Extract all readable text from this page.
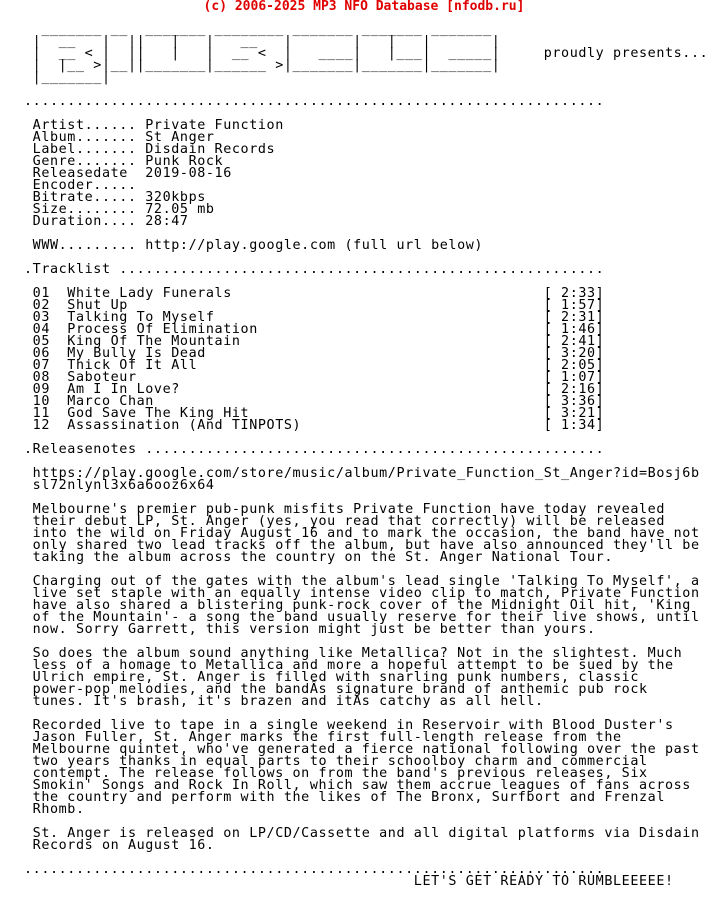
(c) 2006-2025 MP3 NFO Database [nfodb.ru]
_______ __  _______ ________ _______ _______ _______
|  __   |  ||   |   |   __   |       |   |   |       |
|  __ < |  ||   |   |  __ <  |   ____|   |___|  _____|     proudly presents...
|  |__ >|__||_______|______ >|_______|_______|_______|
|_______|
...................................................................
Artist...... Private Function
Album....... St Anger
Label....... Disdain Records
Genre....... Punk Rock
Releasedate  2019-08-16
Encoder.....
Bitrate..... 320kbps
Size........ 72.05 mb
Duration.... 28:47
WWW......... http://play.google.com (full url below)
.Tracklist ........................................................
01  White Lady Funerals                                    [ 2:33]
02  Shut Up                                                [ 1:57]
03  Talking To Myself                                      [ 2:31]
04  Process Of Elimination                                 [ 1:46]
05  King Of The Mountain                                   [ 2:41]
06  My Bully Is Dead                                       [ 3:20]
07  Thick Of It All                                        [ 2:05]
08  Saboteur                                               [ 1:07]
09  Am I In Love?                                          [ 2:16]
10  Marco Chan                                             [ 3:36]
11  God Save The King Hit                                  [ 3:21]
12  Assassination (And TINPOTS)                            [ 1:34]
.Releasenotes .....................................................
https://play.google.com/store/music/album/Private_Function_St_Anger?id=Bosj6b
sl72nlynl3x6a6ooz6x64
Melbourne's premier pub-punk misfits Private Function have today revealed
their debut LP, St. Anger (yes, you read that correctly) will be released
into the wild on Friday August 16 and to mark the occasion, the band have not
only shared two lead tracks off the album, but have also announced they'll be
taking the album across the country on the St. Anger National Tour.
Charging out of the gates with the album's lead single 'Talking To Myself', a
live set staple with an equally intense video clip to match, Private Function
have also shared a blistering punk-rock cover of the Midnight Oil hit, 'King
of the Mountain'- a song the band usually reserve for their live shows, until
now. Sorry Garrett, this version might just be better than yours.
So does the album sound anything like Metallica? Not in the slightest. Much
less of a homage to Metallica and more a hopeful attempt to be sued by the
Ulrich empire, St. Anger is filled with snarling punk numbers, classic
power-pop melodies, and the bandÂs signature brand of anthemic pub rock
tunes. It's brash, it's brazen and itÂs catchy as all hell.
Recorded live to tape in a single weekend in Reservoir with Blood Duster's
Jason Fuller, St. Anger marks the first full-length release from the
Melbourne quintet, who've generated a fierce national following over the past
two years thanks in equal parts to their schoolboy charm and commercial
contempt. The release follows on from the band's previous releases, Six
Smokin' Songs and Rock In Roll, which saw them accrue leagues of fans across
the country and perform with the likes of The Bronx, Surfbort and Frenzal
Rhomb.
St. Anger is released on LP/CD/Cassette and all digital platforms via Disdain
Records on August 16.
...................................................................
LET'S GET READY TO RUMBLEEEEE!
